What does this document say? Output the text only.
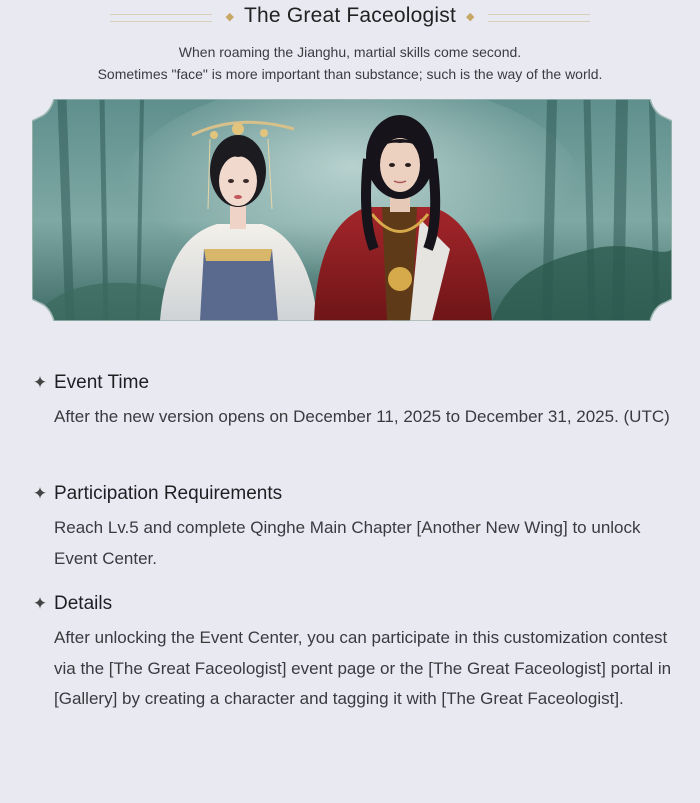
◆ The Great Faceologist ◆
When roaming the Jianghu, martial skills come second.
Sometimes "face" is more important than substance; such is the way of the world.
✦ Event Time
After the new version opens on December 11, 2025 to December 31, 2025. (UTC)
✦ Participation Requirements
Reach Lv.5 and complete Qinghe Main Chapter [Another New Wing] to unlock Event Center.
✦ Details
After unlocking the Event Center, you can participate in this customization contest via the [The Great Faceologist] event page or the [The Great Faceologist] portal in [Gallery] by creating a character and tagging it with [The Great Faceologist].
